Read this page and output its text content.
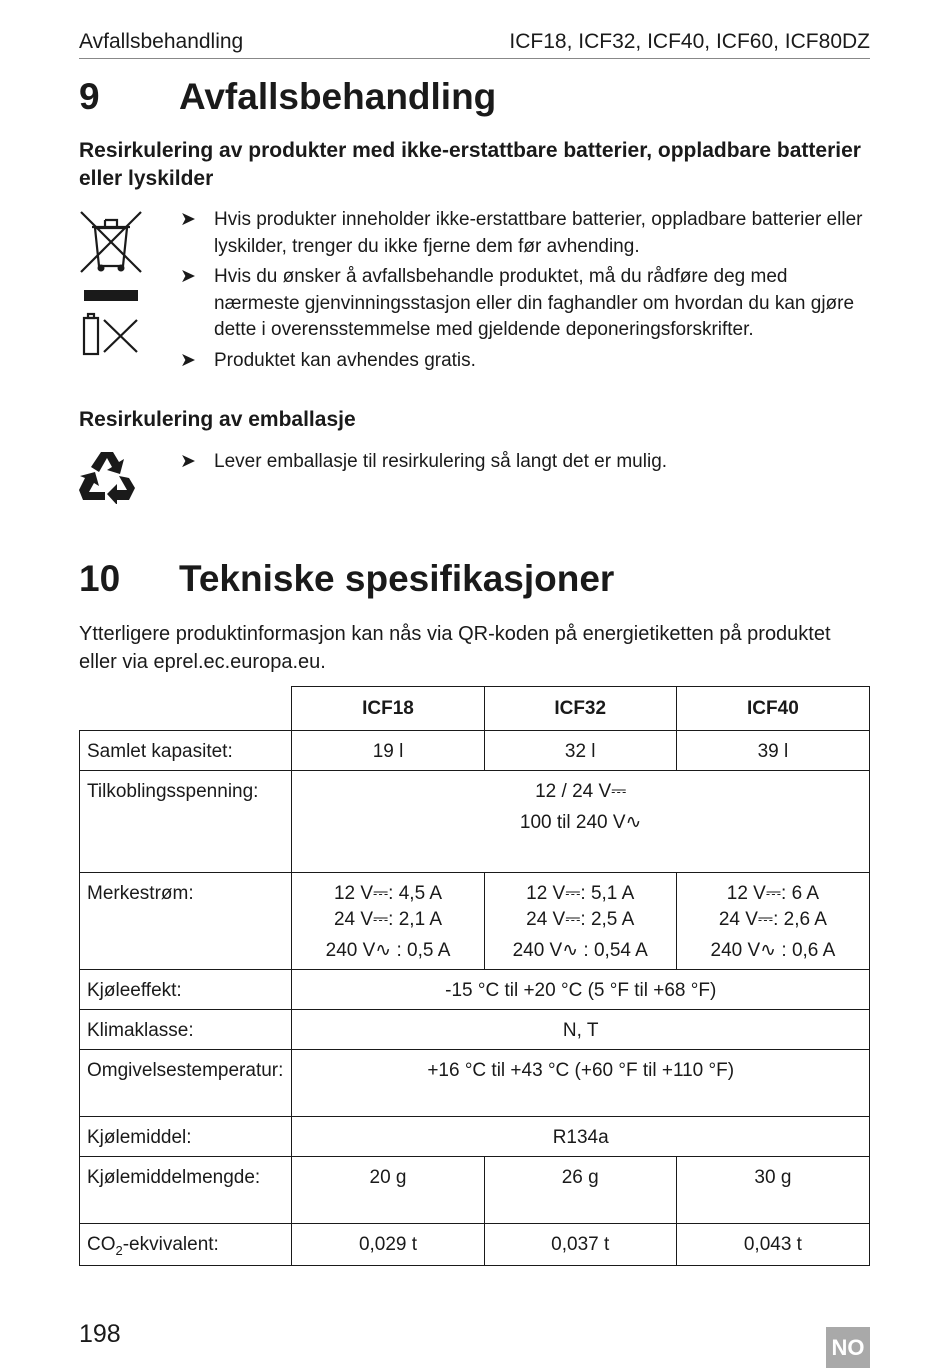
Avfallsbehandling	ICF18, ICF32, ICF40, ICF60, ICF80DZ
9 Avfallsbehandling
Resirkulering av produkter med ikke-erstattbare batterier, oppladbare batterier eller lyskilder
➤ Hvis produkter inneholder ikke-erstattbare batterier, oppladbare batterier eller lyskilder, trenger du ikke fjerne dem før avhending.
➤ Hvis du ønsker å avfallsbehandle produktet, må du rådføre deg med nærmeste gjenvinningsstasjon eller din faghandler om hvordan du kan gjøre dette i overensstemmelse med gjeldende deponeringsforskrifter.
➤ Produktet kan avhendes gratis.
Resirkulering av emballasje
➤ Lever emballasje til resirkulering så langt det er mulig.
10 Tekniske spesifikasjoner
Ytterligere produktinformasjon kan nås via QR-koden på energietiketten på produktet eller via eprel.ec.europa.eu.
	ICF18	ICF32	ICF40
Samlet kapasitet:	19 l	32 l	39 l
Tilkoblingsspenning:	12 / 24 V⎓
100 til 240 V∿		

Merkestrøm:	12 V⎓: 4,5 A
24 V⎓: 2,1 A
240 V∿ : 0,5 A	12 V⎓: 5,1 A
24 V⎓: 2,5 A
240 V∿ : 0,54 A	12 V⎓: 6 A
24 V⎓: 2,6 A
240 V∿ : 0,6 A

Kjøleeffekt:	-15 °C til +20 °C (5 °F til +68 °F)		
Klimaklasse:	N, T		
Omgivelsestemperatur:	+16 °C til +43 °C (+60 °F til +110 °F)		
Kjølemiddel:	R134a		
Kjølemiddelmengde:	20 g	26 g	30 g
$CO_2$-ekvivalent:	0,029 t	0,037 t	0,043 t
198	NO
